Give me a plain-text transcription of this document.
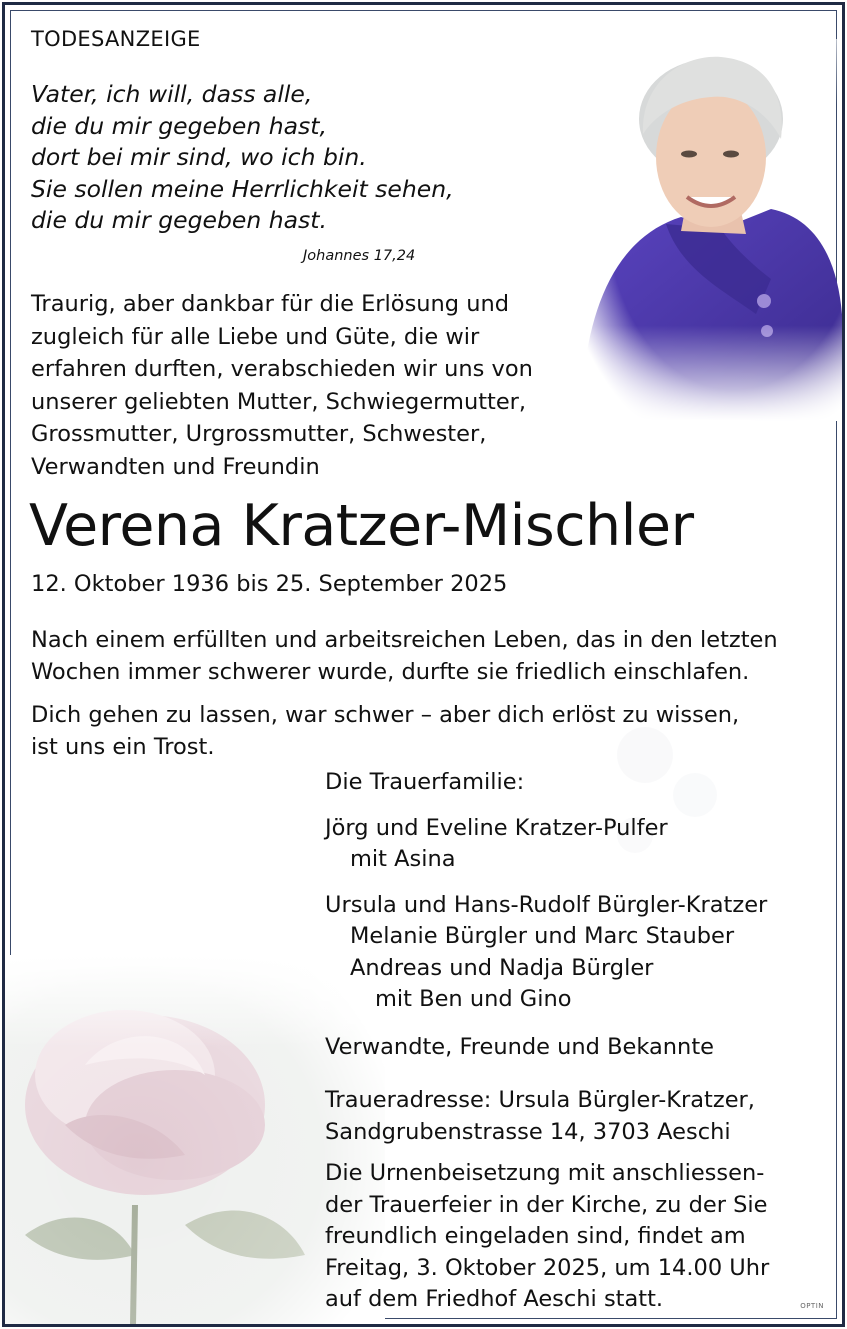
TODESANZEIGE
Vater, ich will, dass alle,
die du mir gegeben hast,
dort bei mir sind, wo ich bin.
Sie sollen meine Herrlichkeit sehen,
die du mir gegeben hast.
Johannes 17,24
Traurig, aber dankbar für die Erlösung und
zugleich für alle Liebe und Güte, die wir
erfahren durften, verabschieden wir uns von
unserer geliebten Mutter, Schwiegermutter,
Grossmutter, Urgrossmutter, Schwester,
Verwandten und Freundin
Verena Kratzer-Mischler
12. Oktober 1936 bis 25. September 2025
Nach einem erfüllten und arbeitsreichen Leben, das in den letzten
Wochen immer schwerer wurde, durfte sie friedlich einschlafen.
Dich gehen zu lassen, war schwer – aber dich erlöst zu wissen,
ist uns ein Trost.
Die Trauerfamilie:
Jörg und Eveline Kratzer-Pulfer
mit Asina
Ursula und Hans-Rudolf Bürgler-Kratzer
Melanie Bürgler und Marc Stauber
Andreas und Nadja Bürgler
mit Ben und Gino
Verwandte, Freunde und Bekannte
Traueradresse: Ursula Bürgler-Kratzer,
Sandgrubenstrasse 14, 3703 Aeschi
Die Urnenbeisetzung mit anschliessen-
der Trauerfeier in der Kirche, zu der Sie
freundlich eingeladen sind, findet am
Freitag, 3. Oktober 2025, um 14.00 Uhr
auf dem Friedhof Aeschi statt.	OPTIN
